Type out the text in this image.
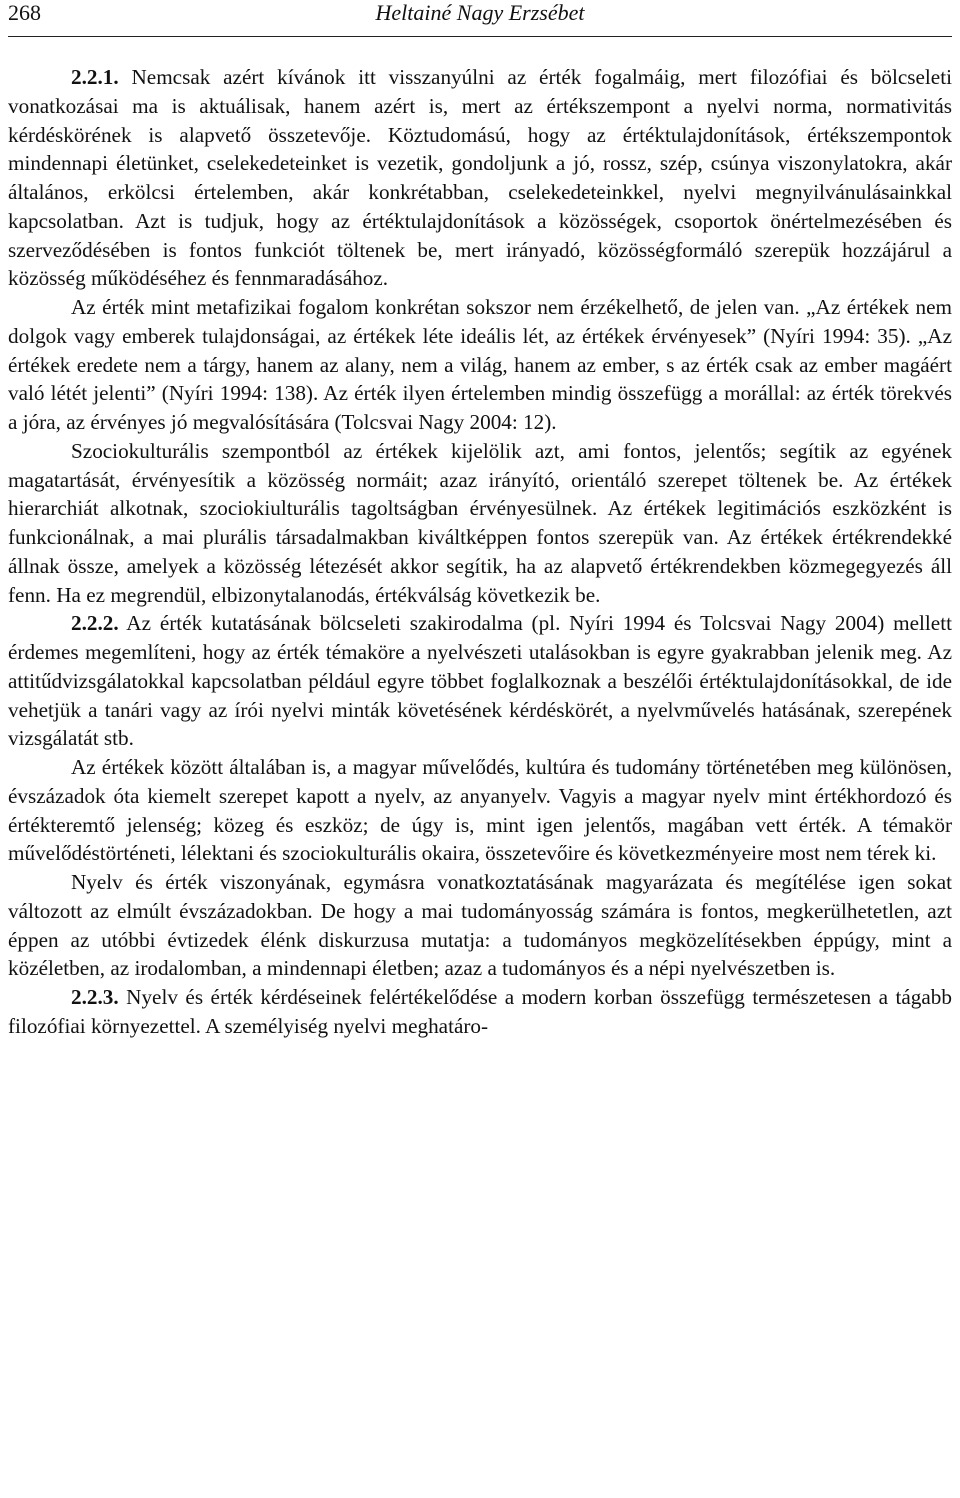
268	Heltainé Nagy Erzsébet

2.2.1. Nemcsak azért kívánok itt visszanyúlni az érték fogalmáig, mert filozófiai és bölcseleti vonatkozásai ma is aktuálisak, hanem azért is, mert az értékszempont a nyelvi norma, normativitás kérdéskörének is alapvető összetevője. Köztudomású, hogy az értéktulajdonítások, értékszempontok mindennapi életünket, cselekedeteinket is vezetik, gondoljunk a jó, rossz, szép, csúnya viszonylatokra, akár általános, erkölcsi értelemben, akár konkrétabban, cselekedeteinkkel, nyelvi megnyilvánulásainkkal kapcsolatban. Azt is tudjuk, hogy az értéktulajdonítások a közösségek, csoportok önértelmezésében és szerveződésében is fontos funkciót töltenek be, mert irányadó, közösségformáló szerepük hozzájárul a közösség működéséhez és fennmaradásához.

Az érték mint metafizikai fogalom konkrétan sokszor nem érzékelhető, de jelen van. „Az értékek nem dolgok vagy emberek tulajdonságai, az értékek léte ideális lét, az értékek érvényesek” (Nyíri 1994: 35). „Az értékek eredete nem a tárgy, hanem az alany, nem a világ, hanem az ember, s az érték csak az ember magáért való létét jelenti” (Nyíri 1994: 138). Az érték ilyen értelemben mindig összefügg a morállal: az érték törekvés a jóra, az érvényes jó megvalósítására (Tolcsvai Nagy 2004: 12).

Szociokulturális szempontból az értékek kijelölik azt, ami fontos, jelentős; segítik az egyének magatartását, érvényesítik a közösség normáit; azaz irányító, orientáló szerepet töltenek be. Az értékek hierarchiát alkotnak, szociokiulturális tagoltságban érvényesülnek. Az értékek legitimációs eszközként is funkcionálnak, a mai plurális társadalmakban kiváltképpen fontos szerepük van. Az értékek értékrendekké állnak össze, amelyek a közösség létezését akkor segítik, ha az alapvető értékrendekben közmegegyezés áll fenn. Ha ez megrendül, elbizonytalanodás, értékválság következik be.

2.2.2. Az érték kutatásának bölcseleti szakirodalma (pl. Nyíri 1994 és Tolcsvai Nagy 2004) mellett érdemes megemlíteni, hogy az érték témaköre a nyelvészeti utalásokban is egyre gyakrabban jelenik meg. Az attitűdvizsgálatokkal kapcsolatban például egyre többet foglalkoznak a beszélői értéktulajdonításokkal, de ide vehetjük a tanári vagy az írói nyelvi minták követésének kérdéskörét, a nyelvművelés hatásának, szerepének vizsgálatát stb.

Az értékek között általában is, a magyar művelődés, kultúra és tudomány történetében meg különösen, évszázadok óta kiemelt szerepet kapott a nyelv, az anyanyelv. Vagyis a magyar nyelv mint értékhordozó és értékteremtő jelenség; közeg és eszköz; de úgy is, mint igen jelentős, magában vett érték. A témakör művelődéstörténeti, lélektani és szociokulturális okaira, összetevőire és következményeire most nem térek ki.

Nyelv és érték viszonyának, egymásra vonatkoztatásának magyarázata és megítélése igen sokat változott az elmúlt évszázadokban. De hogy a mai tudományosság számára is fontos, megkerülhetetlen, azt éppen az utóbbi évtizedek élénk diskurzusa mutatja: a tudományos megközelítésekben éppúgy, mint a közéletben, az irodalomban, a mindennapi életben; azaz a tudományos és a népi nyelvészetben is.

2.2.3. Nyelv és érték kérdéseinek felértékelődése a modern korban összefügg természetesen a tágabb filozófiai környezettel. A személyiség nyelvi meghatáro-
